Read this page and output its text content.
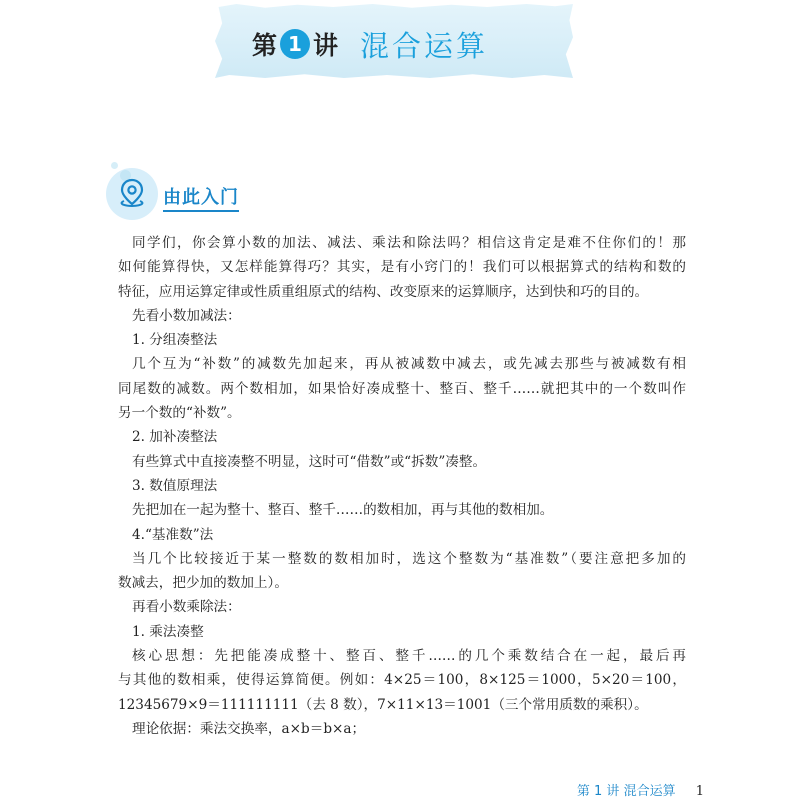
第 1 讲 混合运算
由此入门

同学们，你会算小数的加法、减法、乘法和除法吗？相信这肯定是难不住你们的！那

如何能算得快，又怎样能算得巧？其实，是有小窍门的！我们可以根据算式的结构和数的

特征，应用运算定律或性质重组原式的结构、改变原来的运算顺序，达到快和巧的目的。

先看小数加减法：

1. 分组凑整法

几个互为“补数”的减数先加起来，再从被减数中减去，或先减去那些与被减数有相

同尾数的减数。两个数相加，如果恰好凑成整十、整百、整千……就把其中的一个数叫作

另一个数的“补数”。

2. 加补凑整法

有些算式中直接凑整不明显，这时可“借数”或“拆数”凑整。

3. 数值原理法

先把加在一起为整十、整百、整千……的数相加，再与其他的数相加。

4.“基准数”法

当几个比较接近于某一整数的数相加时，选这个整数为“基准数”（要注意把多加的

数减去，把少加的数加上）。

再看小数乘除法：

1. 乘法凑整

核心思想：先把能凑成整十、整百、整千……的几个乘数结合在一起，最后再

与其他的数相乘，使得运算简便。例如：4×25＝100，8×125＝1000，5×20＝100，

12345679×9＝111111111（去 8 数），7×11×13＝1001（三个常用质数的乘积）。

理论依据：乘法交换率，a×b＝b×a；

第 1 讲 混合运算 1
